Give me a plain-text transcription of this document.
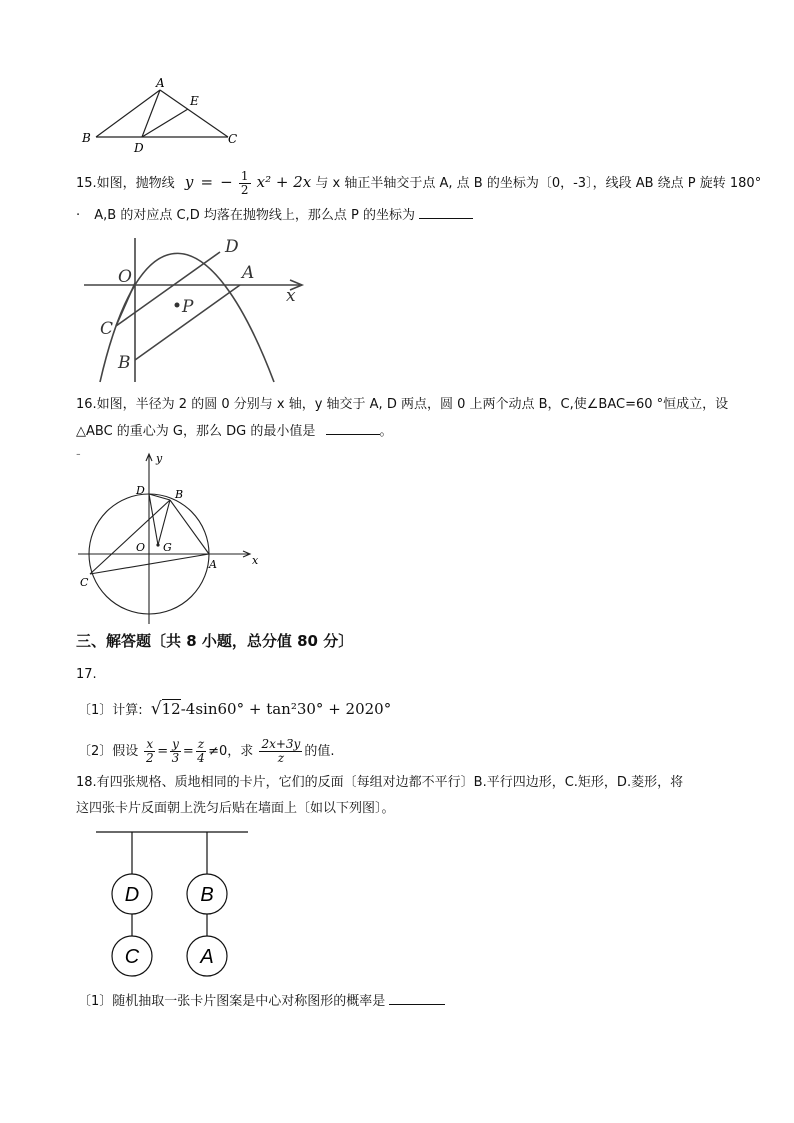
A
E
B
D
C
15.如图，抛物线 y = − $\frac{1}{2} x^2 + 2x$ 与 x 轴正半轴交于点 A, 点 B 的坐标为〔0，-3〕，线段 AB 绕点 P 旋转 180°
· A,B 的对应点 C,D 均落在抛物线上，那么点 P 的坐标为
O
D
A
x
C
P
B
16.如图，半径为 2 的圆 0 分别与 x 轴，y 轴交于 A, D 两点，圆 0 上两个动点 B，C,使∠BAC=60 °恒成立，设
△ABC 的重心为 G，那么 DG 的最小值是	。
-	y
D	B
O G
A	x
C
三、解答题〔共 8 小题，总分值 80 分〕
17.
〔1〕计算: √12-4sin60° + tan²30° + 2020°
〔2〕假设 $\frac{x}{2} = \frac{y}{3} = \frac{z}{4} \ne 0$，求 $\frac{2x+3y}{z}$ 的值.
18.有四张规格、质地相同的卡片，它们的反面〔每组对边都不平行〕B.平行四边形，C.矩形，D.菱形，将
这四张卡片反面朝上洗匀后贴在墙面上〔如以下列图〕。
D	B
C	A
〔1〕随机抽取一张卡片图案是中心对称图形的概率是
